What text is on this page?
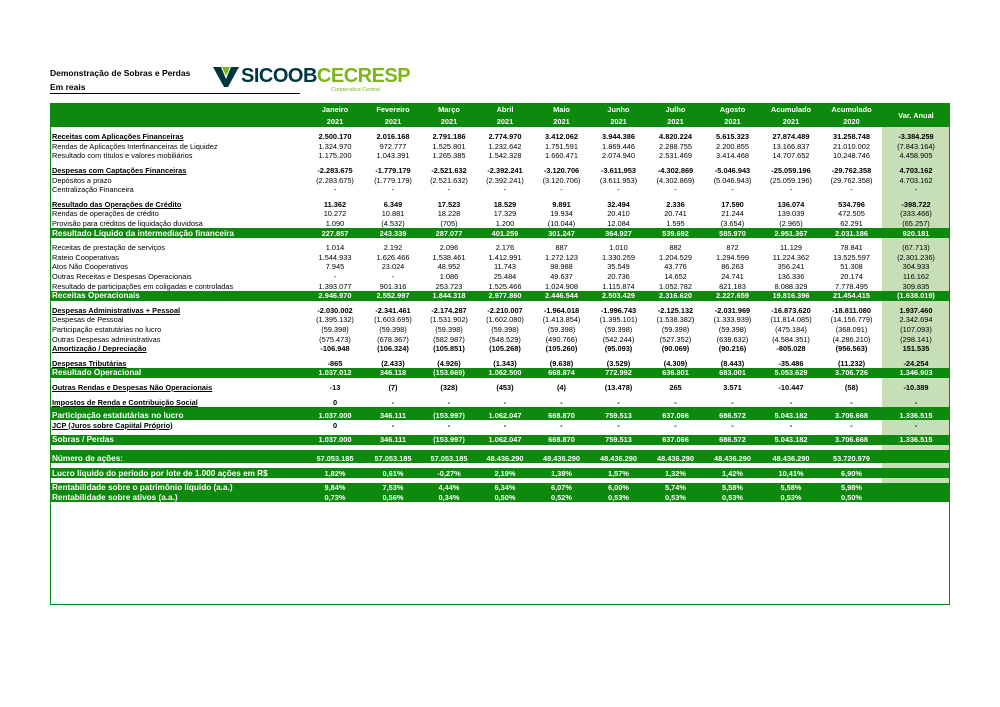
Demonstração de Sobras e Perdas
Em reais	SICOOBCECRESP
Cooperativa Central
	Janeiro	Fevereiro	Março	Abril	Maio	Junho	Julho	Agosto	Acumulado	Acumulado	Var. Anual
	2021	2021	2021	2021	2021	2021	2021	2021	2021	2020	

Receitas com Aplicações Financeiras	2.500.170	2.016.168	2.791.186	2.774.970	3.412.062	3.944.386	4.820.224	5.615.323	27.874.489	31.258.748	-3.384.259
Rendas de Aplicações Interfinanceiras de Liquidez	1.324.970	972.777	1.525.801	1.232.642	1.751.591	1.869.446	2.288.755	2.200.855	13.166.837	21.010.002	(7.843.164)
Resultado com títulos e valores mobiliários	1.175.200	1.043.391	1.265.385	1.542.328	1.660.471	2.074.940	2.531.469	3.414.468	14.707.652	10.248.746	4.458.905

Despesas com Captações Financeiras	-2.283.675	-1.779.179	-2.521.632	-2.392.241	-3.120.706	-3.611.953	-4.302.869	-5.046.943	-25.059.196	-29.762.358	4.703.162
Depósitos a prazo	(2.283.675)	(1.779.179)	(2.521.632)	(2.392.241)	(3.120.706)	(3.611.953)	(4.302.869)	(5.046.943)	(25.059.196)	(29.762.358)	4.703.162
Centralização Financeira	-	-	-	-	-	-	-	-	-	-	-

Resultado das Operações de Crédito	11.362	6.349	17.523	18.529	9.891	32.494	2.336	17.590	136.074	534.796	-398.722
Rendas de operações de crédito	10.272	10.881	18.228	17.329	19.934	20.410	20.741	21.244	139.039	472.505	(333.466)
Provisão para créditos de liquidação duvidosa	1.090	(4.532)	(705)	1.200	(10.044)	12.084	1.595	(3.654)	(2.965)	62.291	(65.257)
Resultado Líquido da intermediação financeira	227.857	243.339	287.077	401.259	301.247	364.927	539.692	585.970	2.951.367	2.031.186	920.181

Receitas de prestação de serviços	1.014	2.192	2.096	2.176	887	1.010	882	872	11.129	78.841	(67.713)
Rateio Cooperativas	1.544.933	1.626.466	1.538.461	1.412.991	1.272.123	1.330.259	1.204.529	1.294.599	11.224.362	13.525.597	(2.301.236)
Atos Não Cooperativos	7.945	23.024	48.952	11.743	98.988	35.549	43.776	86.263	356.241	51.308	304.933
Outras Receitas e Despesas Operacionais	-	-	1.086	25.484	49.637	20.736	14.652	24.741	136.336	20.174	116.162
Resultado de participações em coligadas e controladas	1.393.077	901.316	253.723	1.525.466	1.024.908	1.115.874	1.052.782	821.183	8.088.329	7.778.495	309.835
Receitas Operacionais	2.946.970	2.552.997	1.844.318	2.977.860	2.446.544	2.503.429	2.316.620	2.227.659	19.816.396	21.454.415	(1.638.019)

Despesas Administrativas + Pessoal	-2.030.002	-2.341.461	-2.174.287	-2.210.007	-1.964.018	-1.996.743	-2.125.132	-2.031.969	-16.873.620	-18.811.080	1.937.460
Despesas de Pessoal	(1.395.132)	(1.603.695)	(1.531.902)	(1.602.080)	(1.413.854)	(1.395.101)	(1.538.382)	(1.333.939)	(11.814.085)	(14.156.779)	2.342.694
Participação estatutárias no lucro	(59.398)	(59.398)	(59.398)	(59.398)	(59.398)	(59.398)	(59.398)	(59.398)	(475.184)	(368.091)	(107.093)
Outras Despesas administrativas	(575.473)	(678.367)	(582.987)	(548.529)	(490.766)	(542.244)	(527.352)	(638.632)	(4.584.351)	(4.286.210)	(298.141)
Amortização / Depreciação	-106.948	(106.324)	(105.851)	(105.268)	(105.260)	(95.093)	(90.069)	(90.216)	-805.028	(956.563)	151.535

Despesas Tributárias	-865	(2.433)	(4.926)	(1.343)	(9.638)	(3.529)	(4.309)	(8.443)	-35.486	(11.232)	-24.254
Resultado Operacional	1.037.012	346.118	(153.669)	1.062.500	668.874	772.992	636.801	683.001	5.053.629	3.706.726	1.346.903

Outras Rendas e Despesas Não Operacionais	-13	(7)	(328)	(453)	(4)	(13.478)	265	3.571	-10.447	(58)	-10.389

Impostos de Renda e Contribuição Social	0	-	-	-	-	-	-	-	-	-	-

Participação estatutárias no lucro	1.037.000	346.111	(153.997)	1.062.047	668.870	759.513	637.066	686.572	5.043.182	3.706.668	1.336.515
JCP (Juros sobre Capiital Próprio)	0	-	-	-	-	-	-	-	-	-	-

Sobras / Perdas	1.037.000	346.111	(153.997)	1.062.047	668.870	759.513	637.066	686.572	5.043.182	3.706.668	1.336.515

Número de ações:	57.053.185	57.053.185	57.053.185	48.436.290	48.436.290	48.436.290	48.436.290	48.436.290	48.436.290	53.720.979	

Lucro líquido do período por lote de 1.000 ações em R$	1,82%	0,61%	-0,27%	2,19%	1,38%	1,57%	1,32%	1,42%	10,41%	6,90%	

Rentabilidade sobre o patrimônio líquido (a.a.)	9,84%	7,53%	4,44%	6,34%	6,07%	6,00%	5,74%	5,58%	5,58%	5,98%	
Rentabilidade sobre ativos (a.a.)	0,73%	0,56%	0,34%	0,50%	0,52%	0,53%	0,53%	0,53%	0,53%	0,50%	
